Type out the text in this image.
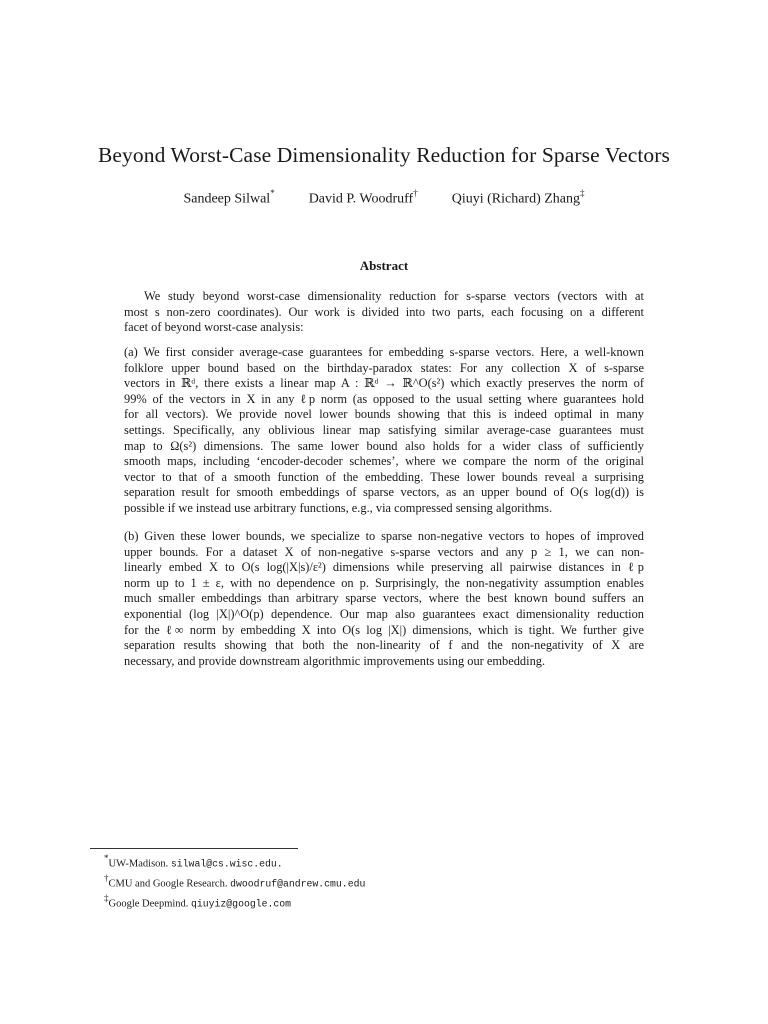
Beyond Worst-Case Dimensionality Reduction for Sparse Vectors
Sandeep Silwal* David P. Woodruff† Qiuyi (Richard) Zhang‡
Abstract
We study beyond worst-case dimensionality reduction for s-sparse vectors (vectors with at
most s non-zero coordinates). Our work is divided into two parts, each focusing on a different
facet of beyond worst-case analysis:
(a) We first consider average-case guarantees for embedding s-sparse vectors. Here, a well-known
folklore upper bound based on the birthday-paradox states: For any collection X of s-sparse
vectors in ℝᵈ, there exists a linear map A : ℝᵈ → ℝ^O(s²) which exactly preserves the norm of
99% of the vectors in X in any ℓp norm (as opposed to the usual setting where guarantees hold
for all vectors). We provide novel lower bounds showing that this is indeed optimal in many
settings. Specifically, any oblivious linear map satisfying similar average-case guarantees must
map to Ω(s²) dimensions. The same lower bound also holds for a wider class of sufficiently
smooth maps, including ‘encoder-decoder schemes’, where we compare the norm of the original
vector to that of a smooth function of the embedding. These lower bounds reveal a surprising
separation result for smooth embeddings of sparse vectors, as an upper bound of O(s log(d)) is
possible if we instead use arbitrary functions, e.g., via compressed sensing algorithms.
(b) Given these lower bounds, we specialize to sparse non-negative vectors to hopes of improved
upper bounds. For a dataset X of non-negative s-sparse vectors and any p ≥ 1, we can non-
linearly embed X to O(s log(|X|s)/ε²) dimensions while preserving all pairwise distances in ℓp
norm up to 1 ± ε, with no dependence on p. Surprisingly, the non-negativity assumption enables
much smaller embeddings than arbitrary sparse vectors, where the best known bound suffers an
exponential (log |X|)^O(p) dependence. Our map also guarantees exact dimensionality reduction
for the ℓ∞ norm by embedding X into O(s log |X|) dimensions, which is tight. We further give
separation results showing that both the non-linearity of f and the non-negativity of X are
necessary, and provide downstream algorithmic improvements using our embedding.
*UW-Madison. silwal@cs.wisc.edu.
†CMU and Google Research. dwoodruf@andrew.cmu.edu
‡Google Deepmind. qiuyiz@google.com
